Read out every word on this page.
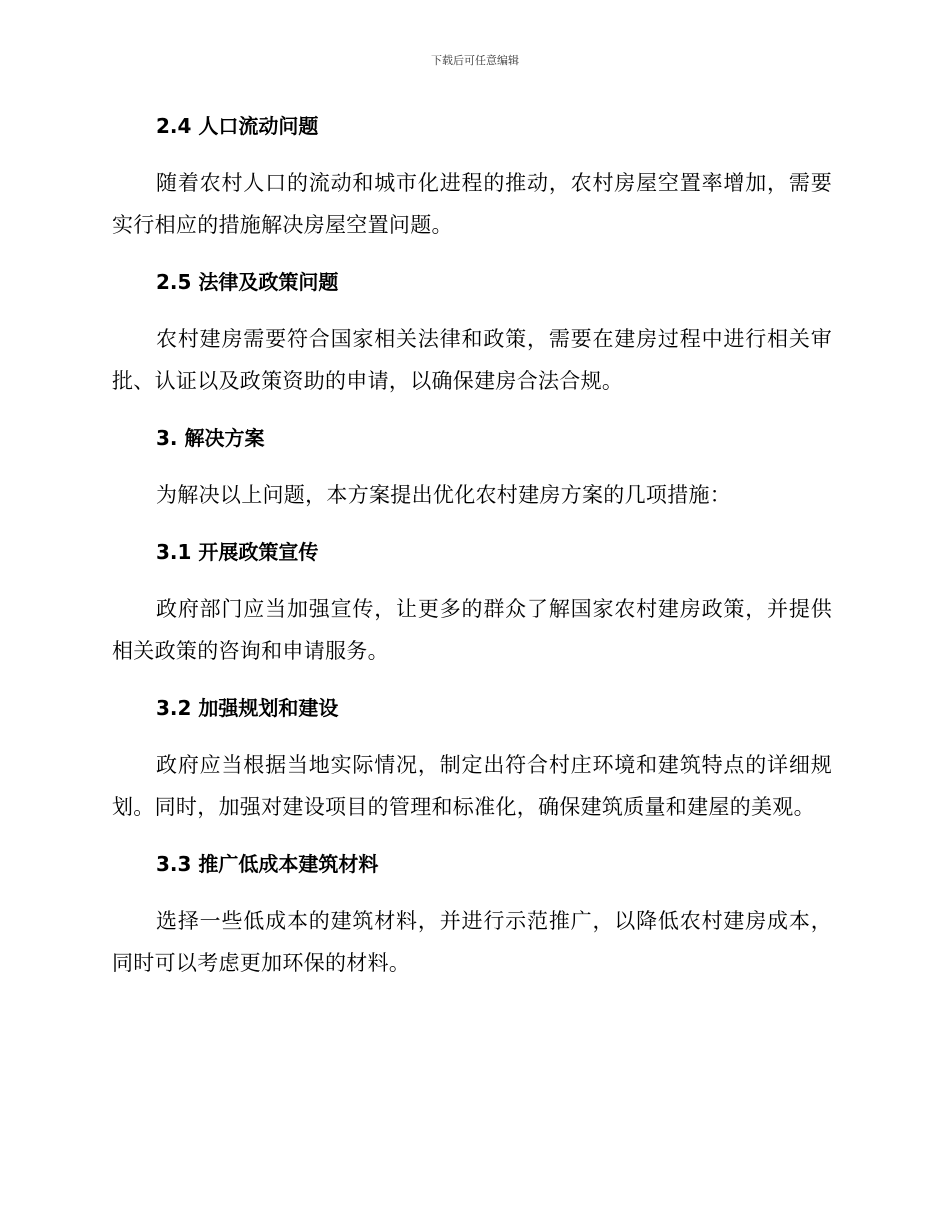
下载后可任意编辑
2.4 人口流动问题

随着农村人口的流动和城市化进程的推动，农村房屋空置率增加，需要实行相应的措施解决房屋空置问题。

2.5 法律及政策问题

农村建房需要符合国家相关法律和政策，需要在建房过程中进行相关审批、认证以及政策资助的申请，以确保建房合法合规。

3. 解决方案

为解决以上问题，本方案提出优化农村建房方案的几项措施：

3.1 开展政策宣传

政府部门应当加强宣传，让更多的群众了解国家农村建房政策，并提供相关政策的咨询和申请服务。

3.2 加强规划和建设

政府应当根据当地实际情况，制定出符合村庄环境和建筑特点的详细规划。同时，加强对建设项目的管理和标准化，确保建筑质量和建屋的美观。

3.3 推广低成本建筑材料

选择一些低成本的建筑材料，并进行示范推广，以降低农村建房成本，同时可以考虑更加环保的材料。
